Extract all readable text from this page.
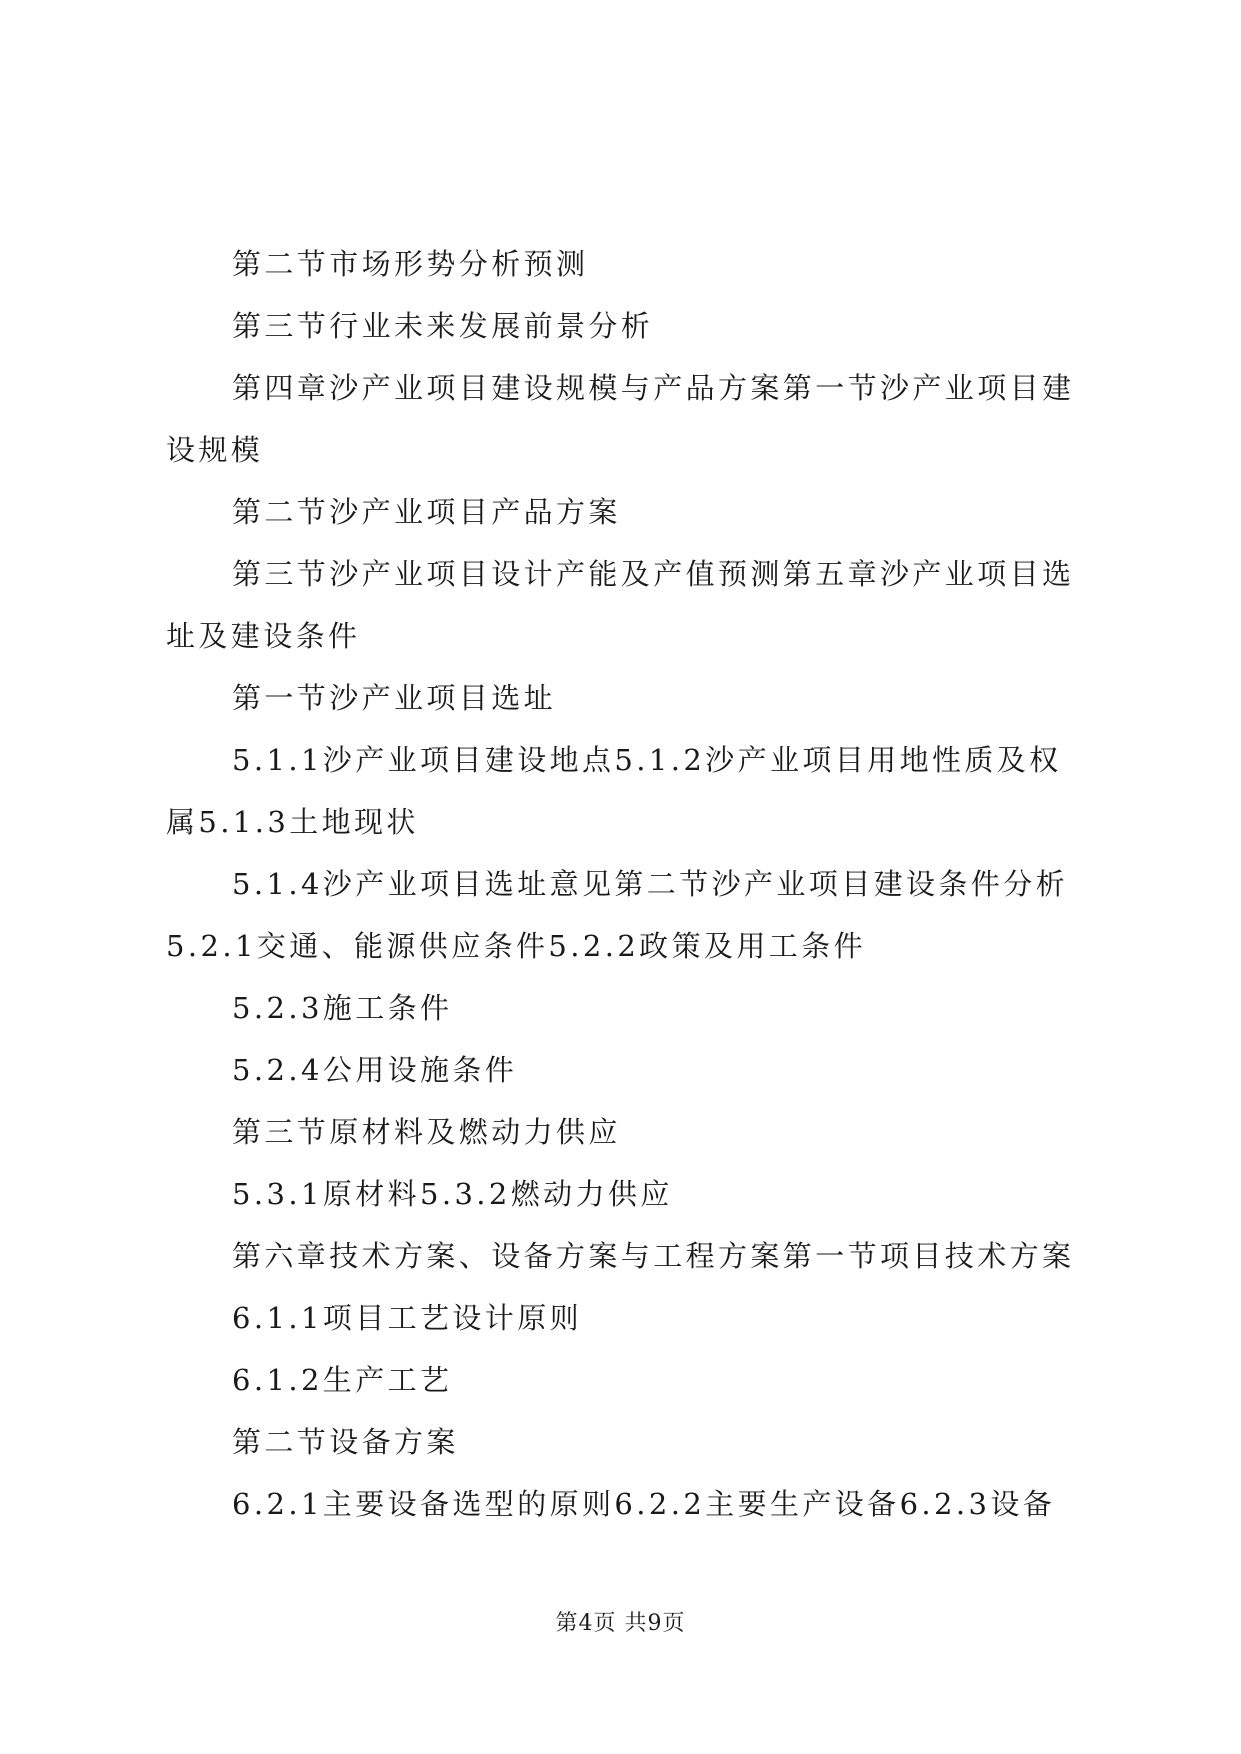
第二节市场形势分析预测

第三节行业未来发展前景分析

第四章沙产业项目建设规模与产品方案第一节沙产业项目建设规模

第二节沙产业项目产品方案

第三节沙产业项目设计产能及产值预测第五章沙产业项目选址及建设条件

第一节沙产业项目选址

5.1.1沙产业项目建设地点5.1.2沙产业项目用地性质及权属5.1.3土地现状

5.1.4沙产业项目选址意见第二节沙产业项目建设条件分析5.2.1交通、能源供应条件5.2.2政策及用工条件

5.2.3施工条件

5.2.4公用设施条件

第三节原材料及燃动力供应

5.3.1原材料5.3.2燃动力供应

第六章技术方案、设备方案与工程方案第一节项目技术方案

6.1.1项目工艺设计原则

6.1.2生产工艺

第二节设备方案

6.2.1主要设备选型的原则6.2.2主要生产设备6.2.3设备

第4页 共9页
